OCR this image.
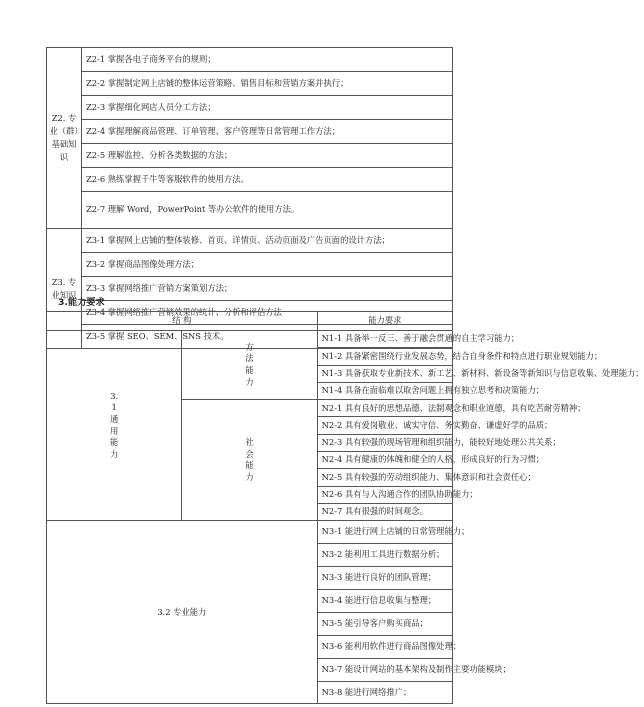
Z2. 专业（群）基础知识	Z2-1 掌握各电子商务平台的规则；
	Z2-2 掌握制定网上店铺的整体运营策略、销售目标和营销方案并执行；
	Z2-3 掌握细化网店人员分工方法；
	Z2-4 掌握理解商品管理、订单管理、客户管理等日常管理工作方法；
	Z2-5 理解监控、分析各类数据的方法；
	Z2-6 熟练掌握千牛等客服软件的使用方法。
	Z2-7 理解 Word，PowerPoint 等办公软件的使用方法。
Z3. 专业知识	Z3-1 掌握网上店铺的整体装修、首页、详情页、活动页面及广告页面的设计方法；
	Z3-2 掌握商品图像处理方法；
	Z3-3 掌握网络推广营销方案策划方法；
	Z3-4 掌握网络推广营销效果的统计、分析和评估方法
	Z3-5 掌握 SEO、SEM、SNS 技术。
3.能力要求
结 构		能力要求
3.1 通用能力	方法能力	N1-1 具备举一反三、善于融会贯通的自主学习能力；
		N1-2 具备紧密围绕行业发展态势，结合自身条件和特点进行职业规划能力；
		N1-3 具备获取专业新技术、新工艺、新材料、新设备等新知识与信息收集、处理能力；
		N1-4 具备在面临难以取舍问题上拥有独立思考和决策能力；
	社会能力	N2-1 具有良好的思想品德、法制观念和职业道德，具有吃苦耐劳精神；
		N2-2 具有爱岗敬业、诚实守信、务实勤奋、谦虚好学的品质；
		N2-3 具有较强的现场管理和组织能力，能较好地处理公共关系；
		N2-4 具有健康的体魄和健全的人格，形成良好的行为习惯；
		N2-5 具有较强的劳动组织能力、集体意识和社会责任心；
		N2-6 具有与人沟通合作的团队协助能力；
		N2-7 具有很强的时间观念。
3.2 专业能力		N3-1 能进行网上店铺的日常管理能力；
		N3-2 能利用工具进行数据分析；
		N3-3 能进行良好的团队管理；
		N3-4 能进行信息收集与整理；
		N3-5 能引导客户购买商品；
		N3-6 能利用软件进行商品图像处理；
		N3-7 能设计网站的基本架构及制作主要功能模块；
		N3-8 能进行网络推广；
